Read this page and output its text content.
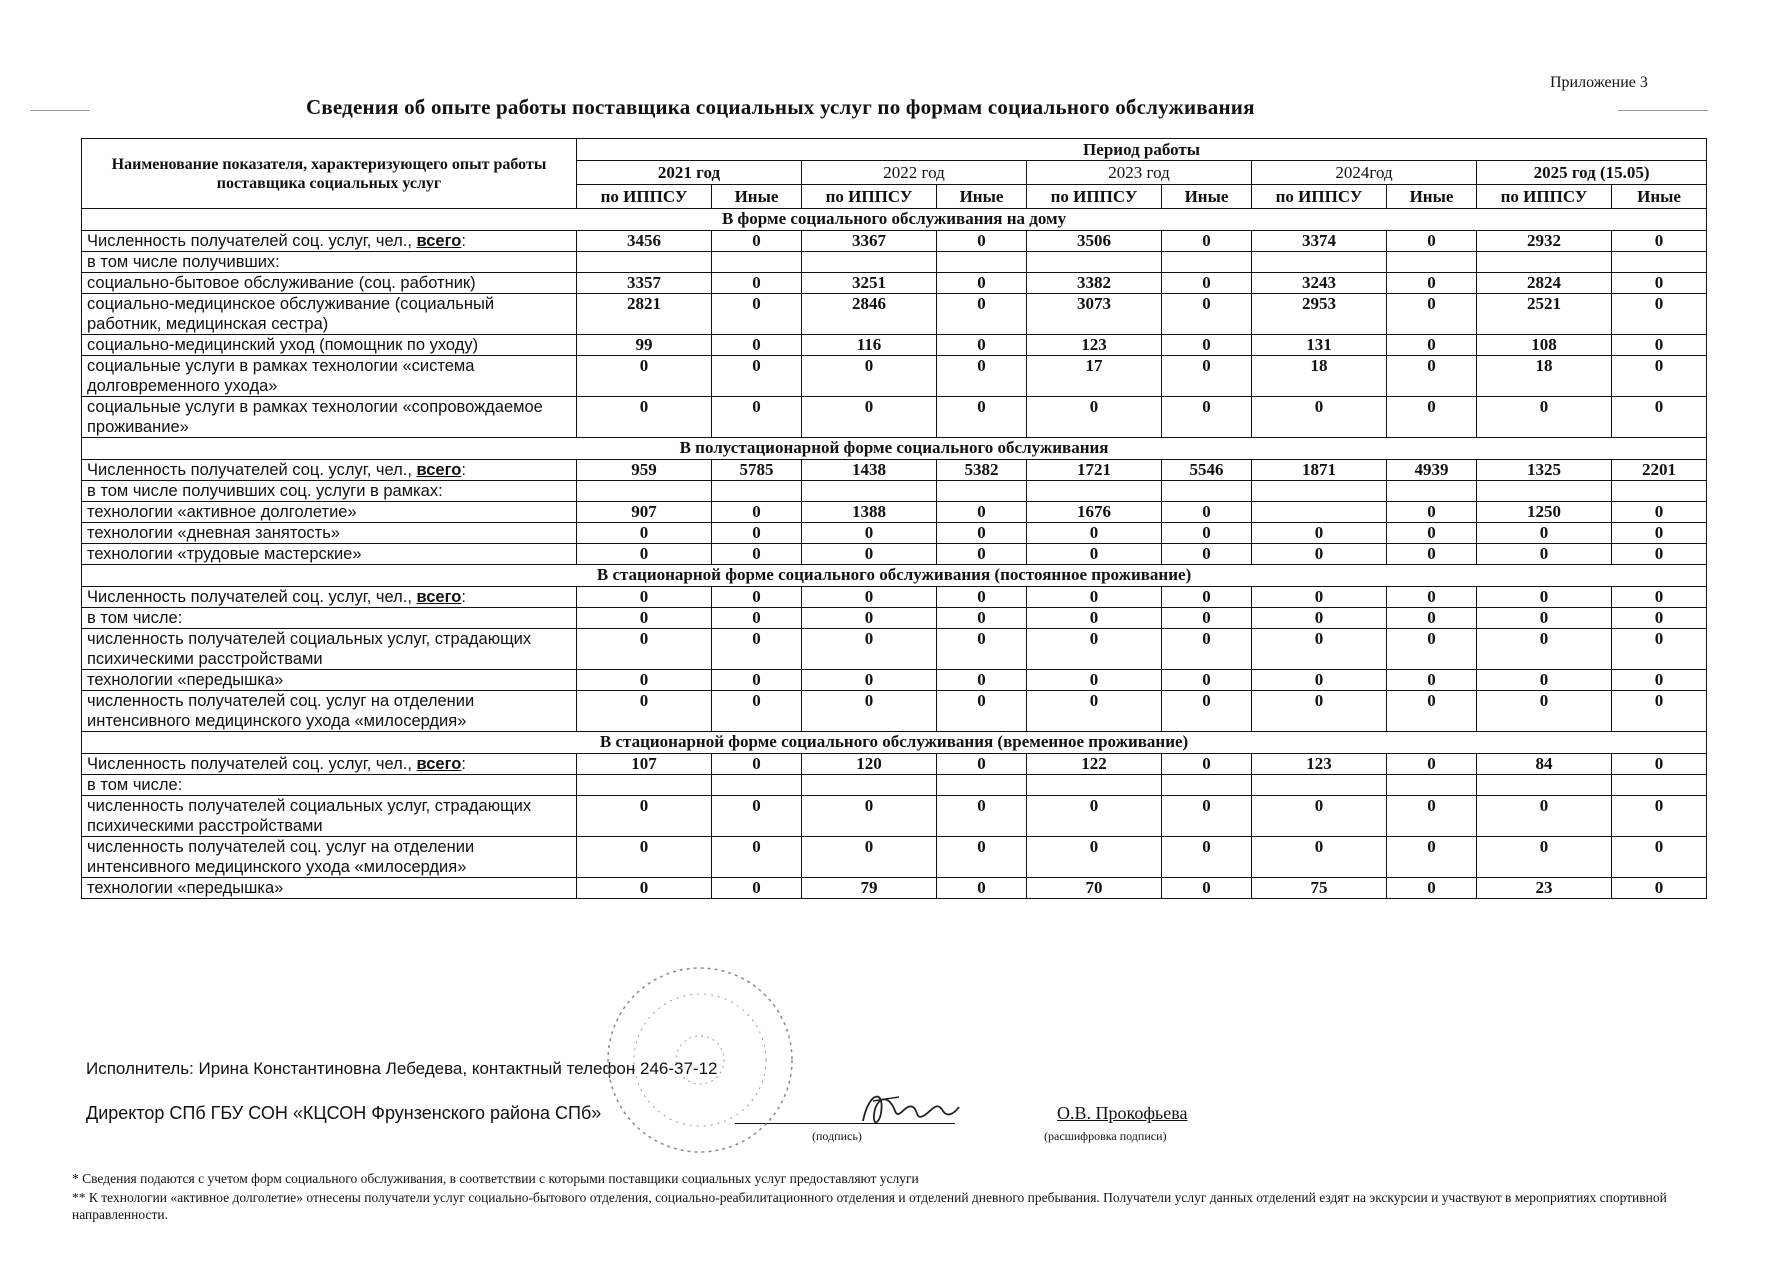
Приложение 3
Сведения об опыте работы поставщика социальных услуг по формам социального обслуживания
Наименование показателя, характеризующего опыт работы поставщика социальных услуг	Период работы									
	2021 год		2022 год		2023 год		2024год		2025 год (15.05)	
	по ИППСУ	Иные	по ИППСУ	Иные	по ИППСУ	Иные	по ИППСУ	Иные	по ИППСУ	Иные
В форме социального обслуживания на дому										
Численность получателей соц. услуг, чел., всего:	3456	0	3367	0	3506	0	3374	0	2932	0
в том числе получивших:										
социально-бытовое обслуживание (соц. работник)	3357	0	3251	0	3382	0	3243	0	2824	0
социально-медицинское обслуживание (социальный работник, медицинская сестра)	2821	0	2846	0	3073	0	2953	0	2521	0
социально-медицинский уход (помощник по уходу)	99	0	116	0	123	0	131	0	108	0
социальные услуги в рамках технологии «система долговременного ухода»	0	0	0	0	17	0	18	0	18	0
социальные услуги в рамках технологии «сопровождаемое проживание»	0	0	0	0	0	0	0	0	0	0
В полустационарной форме социального обслуживания										
Численность получателей соц. услуг, чел., всего:	959	5785	1438	5382	1721	5546	1871	4939	1325	2201
в том числе получивших соц. услуги в рамках:										
технологии «активное долголетие»	907	0	1388	0	1676	0		0	1250	0
технологии «дневная занятость»	0	0	0	0	0	0	0	0	0	0
технологии «трудовые мастерские»	0	0	0	0	0	0	0	0	0	0
В стационарной форме социального обслуживания (постоянное проживание)										
Численность получателей соц. услуг, чел., всего:	0	0	0	0	0	0	0	0	0	0
в том числе:	0	0	0	0	0	0	0	0	0	0
численность получателей социальных услуг, страдающих психическими расстройствами	0	0	0	0	0	0	0	0	0	0
технологии «передышка»	0	0	0	0	0	0	0	0	0	0
численность получателей соц. услуг на отделении интенсивного медицинского ухода «милосердия»	0	0	0	0	0	0	0	0	0	0
В стационарной форме социального обслуживания (временное проживание)										
Численность получателей соц. услуг, чел., всего:	107	0	120	0	122	0	123	0	84	0
в том числе:										
численность получателей социальных услуг, страдающих психическими расстройствами	0	0	0	0	0	0	0	0	0	0
численность получателей соц. услуг на отделении интенсивного медицинского ухода «милосердия»	0	0	0	0	0	0	0	0	0	0
технологии «передышка»	0	0	79	0	70	0	75	0	23	0
Исполнитель: Ирина Константиновна Лебедева, контактный телефон 246-37-12
Директор СПб ГБУ СОН «КЦСОН Фрунзенского района СПб»
(подпись)
О.В. Прокофьева
(расшифровка подписи)
* Сведения подаются с учетом форм социального обслуживания, в соответствии с которыми поставщики социальных услуг предоставляют услуги
** К технологии «активное долголетие» отнесены получатели услуг социально-бытового отделения, социально-реабилитационного отделения и отделений дневного пребывания. Получатели услуг данных отделений ездят на экскурсии и участвуют в мероприятиях спортивной направленности.
